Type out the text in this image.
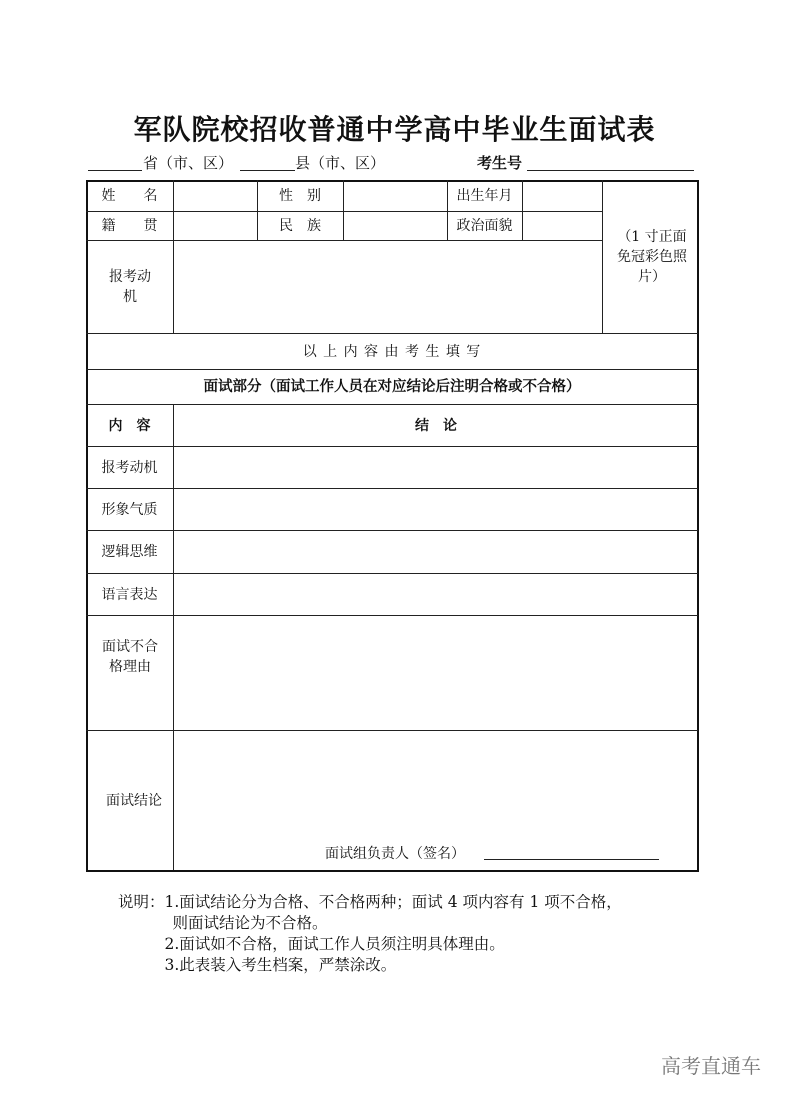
军队院校招收普通中学高中毕业生面试表
省（市、区）	县（市、区）	考生号
姓　　名	性　别	出生年月
籍　　贯	民　族	政治面貌
报考动机
（1 寸正面免冠彩色照片）
以 上 内 容 由 考 生 填 写
面试部分（面试工作人员在对应结论后注明合格或不合格）
内　容	结　论
报考动机
形象气质
逻辑思维
语言表达
面试不合格理由
面试结论
面试组负责人（签名）
说明： 1.面试结论分为合格、不合格两种；面试 4 项内容有 1 项不合格，
则面试结论为不合格。
2.面试如不合格，面试工作人员须注明具体理由。
3.此表装入考生档案，严禁涂改。
高考直通车
